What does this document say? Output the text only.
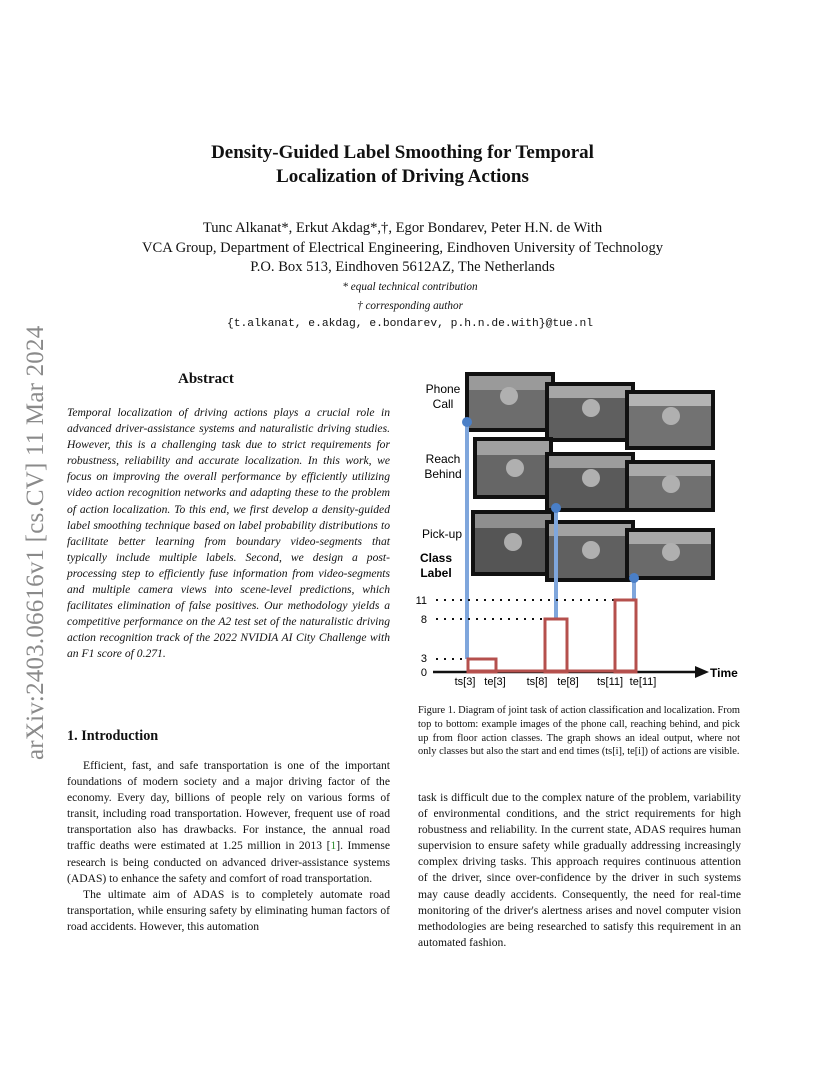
arXiv:2403.06616v1 [cs.CV] 11 Mar 2024
Density-Guided Label Smoothing for Temporal
Localization of Driving Actions
Tunc Alkanat*, Erkut Akdag*,†, Egor Bondarev, Peter H.N. de With
VCA Group, Department of Electrical Engineering, Eindhoven University of Technology
P.O. Box 513, Eindhoven 5612AZ, The Netherlands
* equal technical contribution
† corresponding author
{t.alkanat, e.akdag, e.bondarev, p.h.n.de.with}@tue.nl
Abstract
Temporal localization of driving actions plays a crucial role in advanced driver-assistance systems and naturalistic driving studies. However, this is a challenging task due to strict requirements for robustness, reliability and accurate localization. In this work, we focus on improving the overall performance by efficiently utilizing video action recognition networks and adapting these to the problem of action localization. To this end, we first develop a density-guided label smoothing technique based on label probability distributions to facilitate better learning from boundary video-segments that typically include multiple labels. Second, we design a post-processing step to efficiently fuse information from video-segments and multiple camera views into scene-level predictions, which facilitates elimination of false positives. Our methodology yields a competitive performance on the A2 test set of the naturalistic driving action recognition track of the 2022 NVIDIA AI City Challenge with an F1 score of 0.271.
1. Introduction

Efficient, fast, and safe transportation is one of the important foundations of modern society and a major driving factor of the economy. Every day, billions of people rely on various forms of transit, including road transportation. However, frequent use of road transportation also has drawbacks. For instance, the annual road traffic deaths were estimated at 1.25 million in 2013 [1]. Immense research is being conducted on advanced driver-assistance systems (ADAS) to enhance the safety and comfort of road transportation.

The ultimate aim of ADAS is to completely automate road transportation, while ensuring safety by eliminating human factors of road accidents. However, this automation

task is difficult due to the complex nature of the problem, variability of environmental conditions, and the strict requirements for high robustness and reliability. In the current state, ADAS requires human supervision to ensure safety while gradually addressing increasingly complex driving tasks. This approach requires continuous attention of the driver, since over-confidence by the driver in such systems may cause deadly accidents. Consequently, the need for real-time monitoring of the driver's alertness arises and novel computer vision methodologies are being researched to satisfy this requirement in an automated fashion.

Phone
Call
Reach
Behind
Pick-up
Class
Label
11
8
3
0	Time
ts[3] te[3] ts[8] te[8] ts[11] te[11]
Figure 1. Diagram of joint task of action classification and localization. From top to bottom: example images of the phone call, reaching behind, and pick up from floor action classes. The graph shows an ideal output, where not only classes but also the start and end times (ts[i], te[i]) of actions are visible.
